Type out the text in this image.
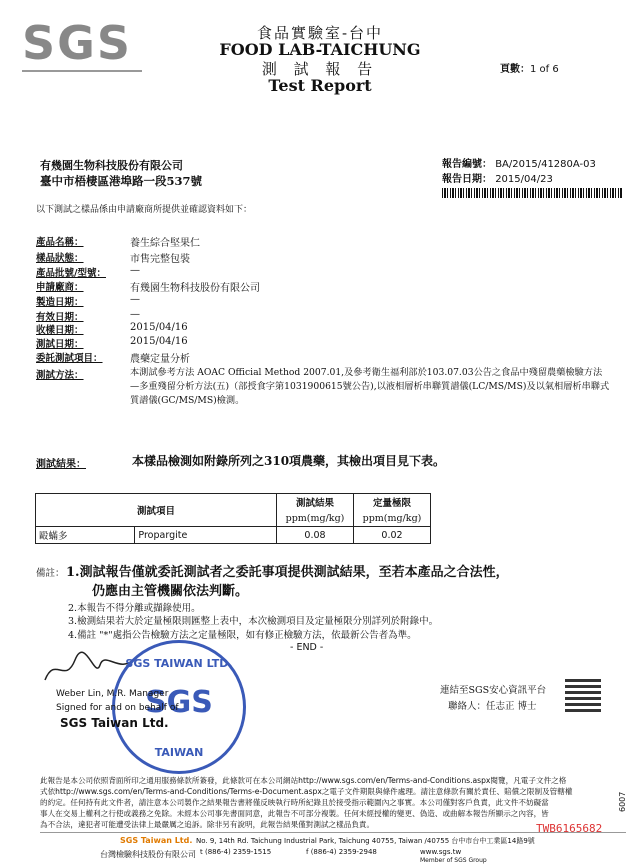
SGS	食品實驗室-台中
FOOD LAB-TAICHUNG
測 試 報 告
Test Report
頁數：1 of 6
有幾園生物科技股份有限公司
臺中市梧棲區港埠路一段537號
報告編號： BA/2015/41280A-03
報告日期： 2015/04/23
以下測試之樣品係由申請廠商所提供並確認資料如下：
產品名稱：	養生綜合堅果仁
樣品狀態：	市售完整包裝
產品批號/型號：	—
申請廠商：	有幾園生物科技股份有限公司
製造日期：	—
有效日期：	—
收樣日期：	2015/04/16
測試日期：	2015/04/16
委託測試項目：	農藥定量分析
測試方法：	本測試參考方法 AOAC Official Method 2007.01,及參考衛生福利部於103.07.03公告之食品中殘留農藥檢驗方法—多重殘留分析方法(五)（部授食字第1031900615號公告),以液相層析串聯質譜儀(LC/MS/MS)及以氣相層析串聯式質譜儀(GC/MS/MS)檢測。
測試結果：	本樣品檢測如附錄所列之310項農藥，其檢出項目見下表。
測試項目		測試結果	定量極限
		ppm(mg/kg)	ppm(mg/kg)
毆蟎多	Propargite	0.08	0.02
備註： 1.測試報告僅就委託測試者之委託事項提供測試結果，至若本產品之合法性，
仍應由主管機關依法判斷。
2.本報告不得分離或擷錄使用。
3.檢測結果若大於定量極限則匯整上表中，本次檢測項目及定量極限分別詳列於附錄中。
4.備註 "*"處指公告檢驗方法之定量極限，如有修正檢驗方法，依最新公告者為準。
- END -
SGS TAIWAN LTD.
SGS
TAIWAN
Weber Lin, M.R. Manager
Signed for and on behalf of
SGS Taiwan Ltd.
連結至SGS安心資訊平台
聯絡人：任志正 博士
此報告是本公司依照背面所印之通用服務條款所簽發，此條款可在本公司網站http://www.sgs.com/en/Terms-and-Conditions.aspx閱覽，凡電子文件之格
式依http://www.sgs.com/en/Terms-and-Conditions/Terms-e-Document.aspx之電子文件期限與條件處理。請注意條款有關於責任、賠償之限制及管轄權
的約定。任何持有此文件者，請注意本公司製作之結果報告書將僅反映執行時所紀錄且於接受指示範圍內之事實。本公司僅對客戶負責，此文件不妨礙當
事人在交易上權利之行使或義務之免除。未經本公司事先書面同意，此報告不可部分複製。任何未經授權的變更、偽造、或曲解本報告所顯示之內容，皆
為不合法，違犯者可能遭受法律上最嚴厲之追訴。除非另有說明，此報告結果僅對測試之樣品負責。
SGS Taiwan Ltd.
台灣檢驗科技股份有限公司
No. 9, 14th Rd. Taichung Industrial Park, Taichung 40755, Taiwan /40755 台中市台中工業區14路9號
t (886-4) 2359-1515	f (886-4) 2359-2948	www.sgs.tw
Member of SGS Group
TWB6165682
6007
